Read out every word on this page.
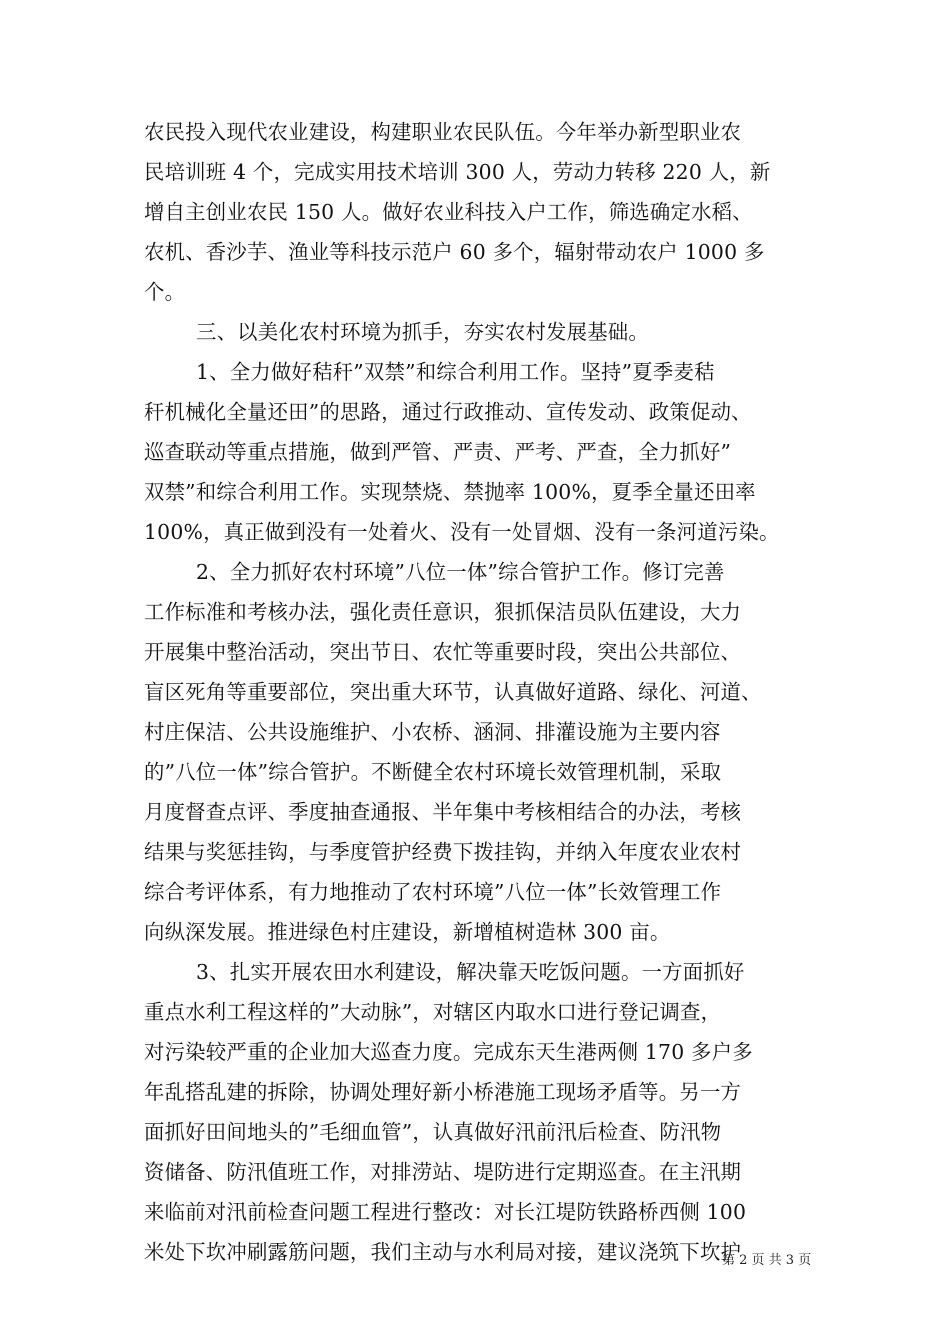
农民投入现代农业建设，构建职业农民队伍。今年举办新型职业农
民培训班 4 个，完成实用技术培训 300 人，劳动力转移 220 人，新
增自主创业农民 150 人。做好农业科技入户工作，筛选确定水稻、
农机、香沙芋、渔业等科技示范户 60 多个，辐射带动农户 1000 多
个。
三、以美化农村环境为抓手，夯实农村发展基础。
1、全力做好秸秆”双禁”和综合利用工作。坚持”夏季麦秸
秆机械化全量还田”的思路，通过行政推动、宣传发动、政策促动、
巡查联动等重点措施，做到严管、严责、严考、严查，全力抓好”
双禁”和综合利用工作。实现禁烧、禁抛率 100%，夏季全量还田率
100%，真正做到没有一处着火、没有一处冒烟、没有一条河道污染。
2、全力抓好农村环境”八位一体”综合管护工作。修订完善
工作标准和考核办法，强化责任意识，狠抓保洁员队伍建设，大力
开展集中整治活动，突出节日、农忙等重要时段，突出公共部位、
盲区死角等重要部位，突出重大环节，认真做好道路、绿化、河道、
村庄保洁、公共设施维护、小农桥、涵洞、排灌设施为主要内容
的”八位一体”综合管护。不断健全农村环境长效管理机制，采取
月度督查点评、季度抽查通报、半年集中考核相结合的办法，考核
结果与奖惩挂钩，与季度管护经费下拨挂钩，并纳入年度农业农村
综合考评体系，有力地推动了农村环境”八位一体”长效管理工作
向纵深发展。推进绿色村庄建设，新增植树造林 300 亩。
3、扎实开展农田水利建设，解决靠天吃饭问题。一方面抓好
重点水利工程这样的”大动脉”，对辖区内取水口进行登记调查，
对污染较严重的企业加大巡查力度。完成东天生港两侧 170 多户多
年乱搭乱建的拆除，协调处理好新小桥港施工现场矛盾等。另一方
面抓好田间地头的”毛细血管”，认真做好汛前汛后检查、防汛物
资储备、防汛值班工作，对排涝站、堤防进行定期巡查。在主汛期
来临前对汛前检查问题工程进行整改：对长江堤防铁路桥西侧 100
米处下坎冲刷露筋问题，我们主动与水利局对接，建议浇筑下坎护
第 2 页 共 3 页
